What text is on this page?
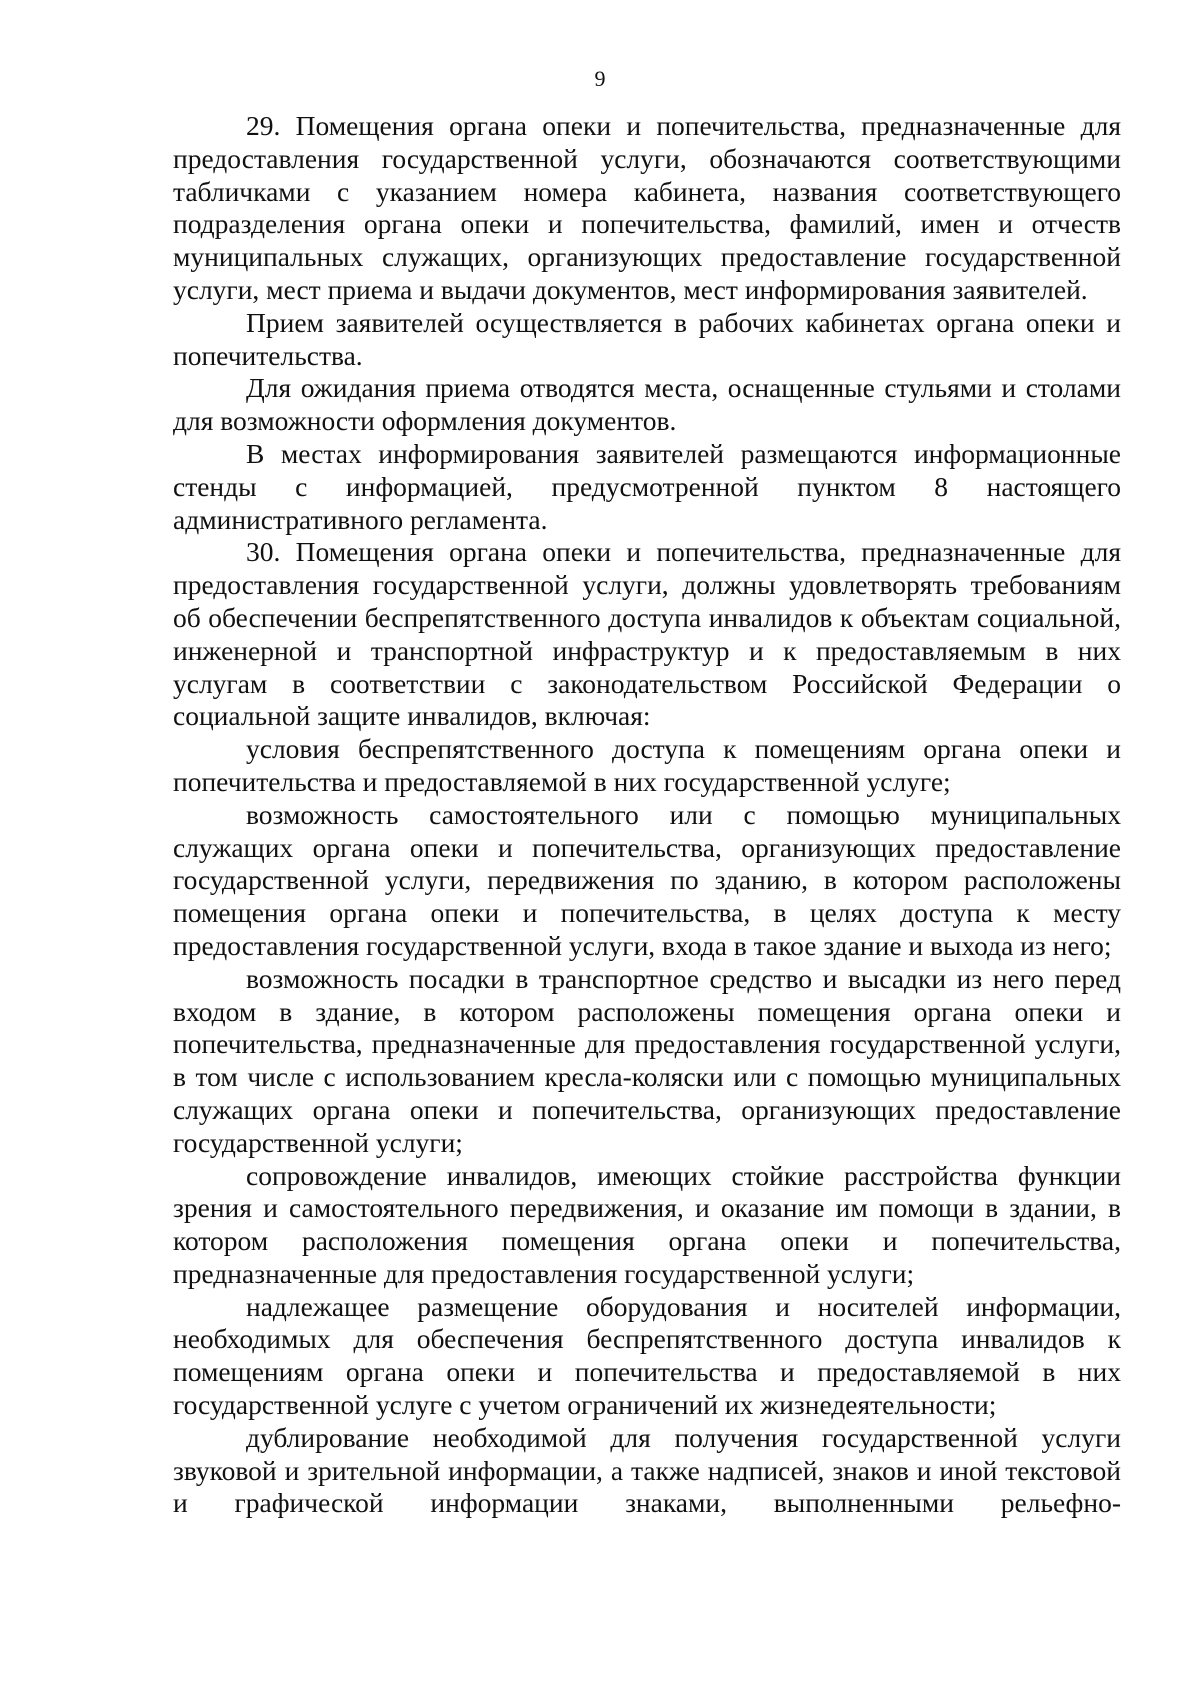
9

29. Помещения органа опеки и попечительства, предназначенные для предоставления государственной услуги, обозначаются соответствующими табличками с указанием номера кабинета, названия соответствующего подразделения органа опеки и попечительства, фамилий, имен и отчеств муниципальных служащих, организующих предоставление государственной услуги, мест приема и выдачи документов, мест информирования заявителей.

Прием заявителей осуществляется в рабочих кабинетах органа опеки и попечительства.

Для ожидания приема отводятся места, оснащенные стульями и столами для возможности оформления документов.

В местах информирования заявителей размещаются информационные стенды с информацией, предусмотренной пунктом 8 настоящего административного регламента.

30. Помещения органа опеки и попечительства, предназначенные для предоставления государственной услуги, должны удовлетворять требованиям об обеспечении беспрепятственного доступа инвалидов к объектам социальной, инженерной и транспортной инфраструктур и к предоставляемым в них услугам в соответствии с законодательством Российской Федерации о социальной защите инвалидов, включая:

условия беспрепятственного доступа к помещениям органа опеки и попечительства и предоставляемой в них государственной услуге;

возможность самостоятельного или с помощью муниципальных служащих органа опеки и попечительства, организующих предоставление государственной услуги, передвижения по зданию, в котором расположены помещения органа опеки и попечительства, в целях доступа к месту предоставления государственной услуги, входа в такое здание и выхода из него;

возможность посадки в транспортное средство и высадки из него перед входом в здание, в котором расположены помещения органа опеки и попечительства, предназначенные для предоставления государственной услуги, в том числе с использованием кресла-коляски или с помощью муниципальных служащих органа опеки и попечительства, организующих предоставление государственной услуги;

сопровождение инвалидов, имеющих стойкие расстройства функции зрения и самостоятельного передвижения, и оказание им помощи в здании, в котором расположения помещения органа опеки и попечительства, предназначенные для предоставления государственной услуги;

надлежащее размещение оборудования и носителей информации, необходимых для обеспечения беспрепятственного доступа инвалидов к помещениям органа опеки и попечительства и предоставляемой в них государственной услуге с учетом ограничений их жизнедеятельности;

дублирование необходимой для получения государственной услуги звуковой и зрительной информации, а также надписей, знаков и иной текстовой и графической информации знаками, выполненными рельефно-
